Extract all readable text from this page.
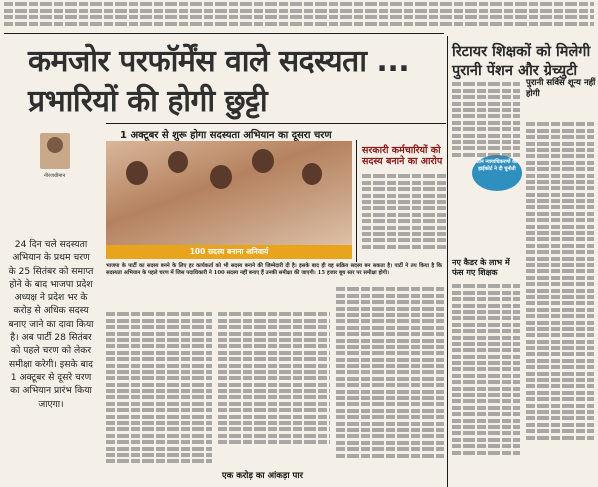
कमजोर परफॉर्मेंस वाले सदस्यता ...
प्रभारियों की होगी छुट्टी
1 अक्टूबर से शुरू होगा सदस्यता अभियान का दूसरा चरण
नीरजधीमान
24 दिन चले सदस्यता अभियान के प्रथम चरण के 25 सितंबर को समाप्त होने के बाद भाजपा प्रदेश अध्यक्ष ने प्रदेश भर के करोड़ से अधिक सदस्य बनाए जाने का दावा किया है। अब पार्टी 28 सितंबर को पहले चरण को लेकर समीक्षा करेगी। इसके बाद 1 अक्टूबर से दूसरे चरण का अभियान प्रारंभ किया जाएगा।
100 सदस्य बनाना अनिवार्य
सरकारी कर्मचारियों को सदस्य बनाने का आरोप
भाजपा के पार्टी का सदस्य बनने के लिए हर कार्यकर्ता को भी सदस्य बनाने की जिम्मेदारी दी है। इसके बाद ही वह सक्रिय सदस्य बन सकता है। पार्टी ने तय किया है कि सदस्यता अभियान के पहले चरण में जिस पदाधिकारी ने 100 सदस्य नहीं बनाए हैं उनकी समीक्षा की जाएगी। 15 हजार बूथ स्तर पर समीक्षा होगी।
एक करोड़ का आंकड़ा पार
रिटायर शिक्षकों को मिलेगी पुरानी पेंशन और ग्रेच्युटी
पुरानी सर्विस शून्य नहीं होगी
तीन न्यायाधिकरणों की हाईकोर्ट ने दी चुनौती
नए कैडर के लाभ में फंस गए शिक्षक
